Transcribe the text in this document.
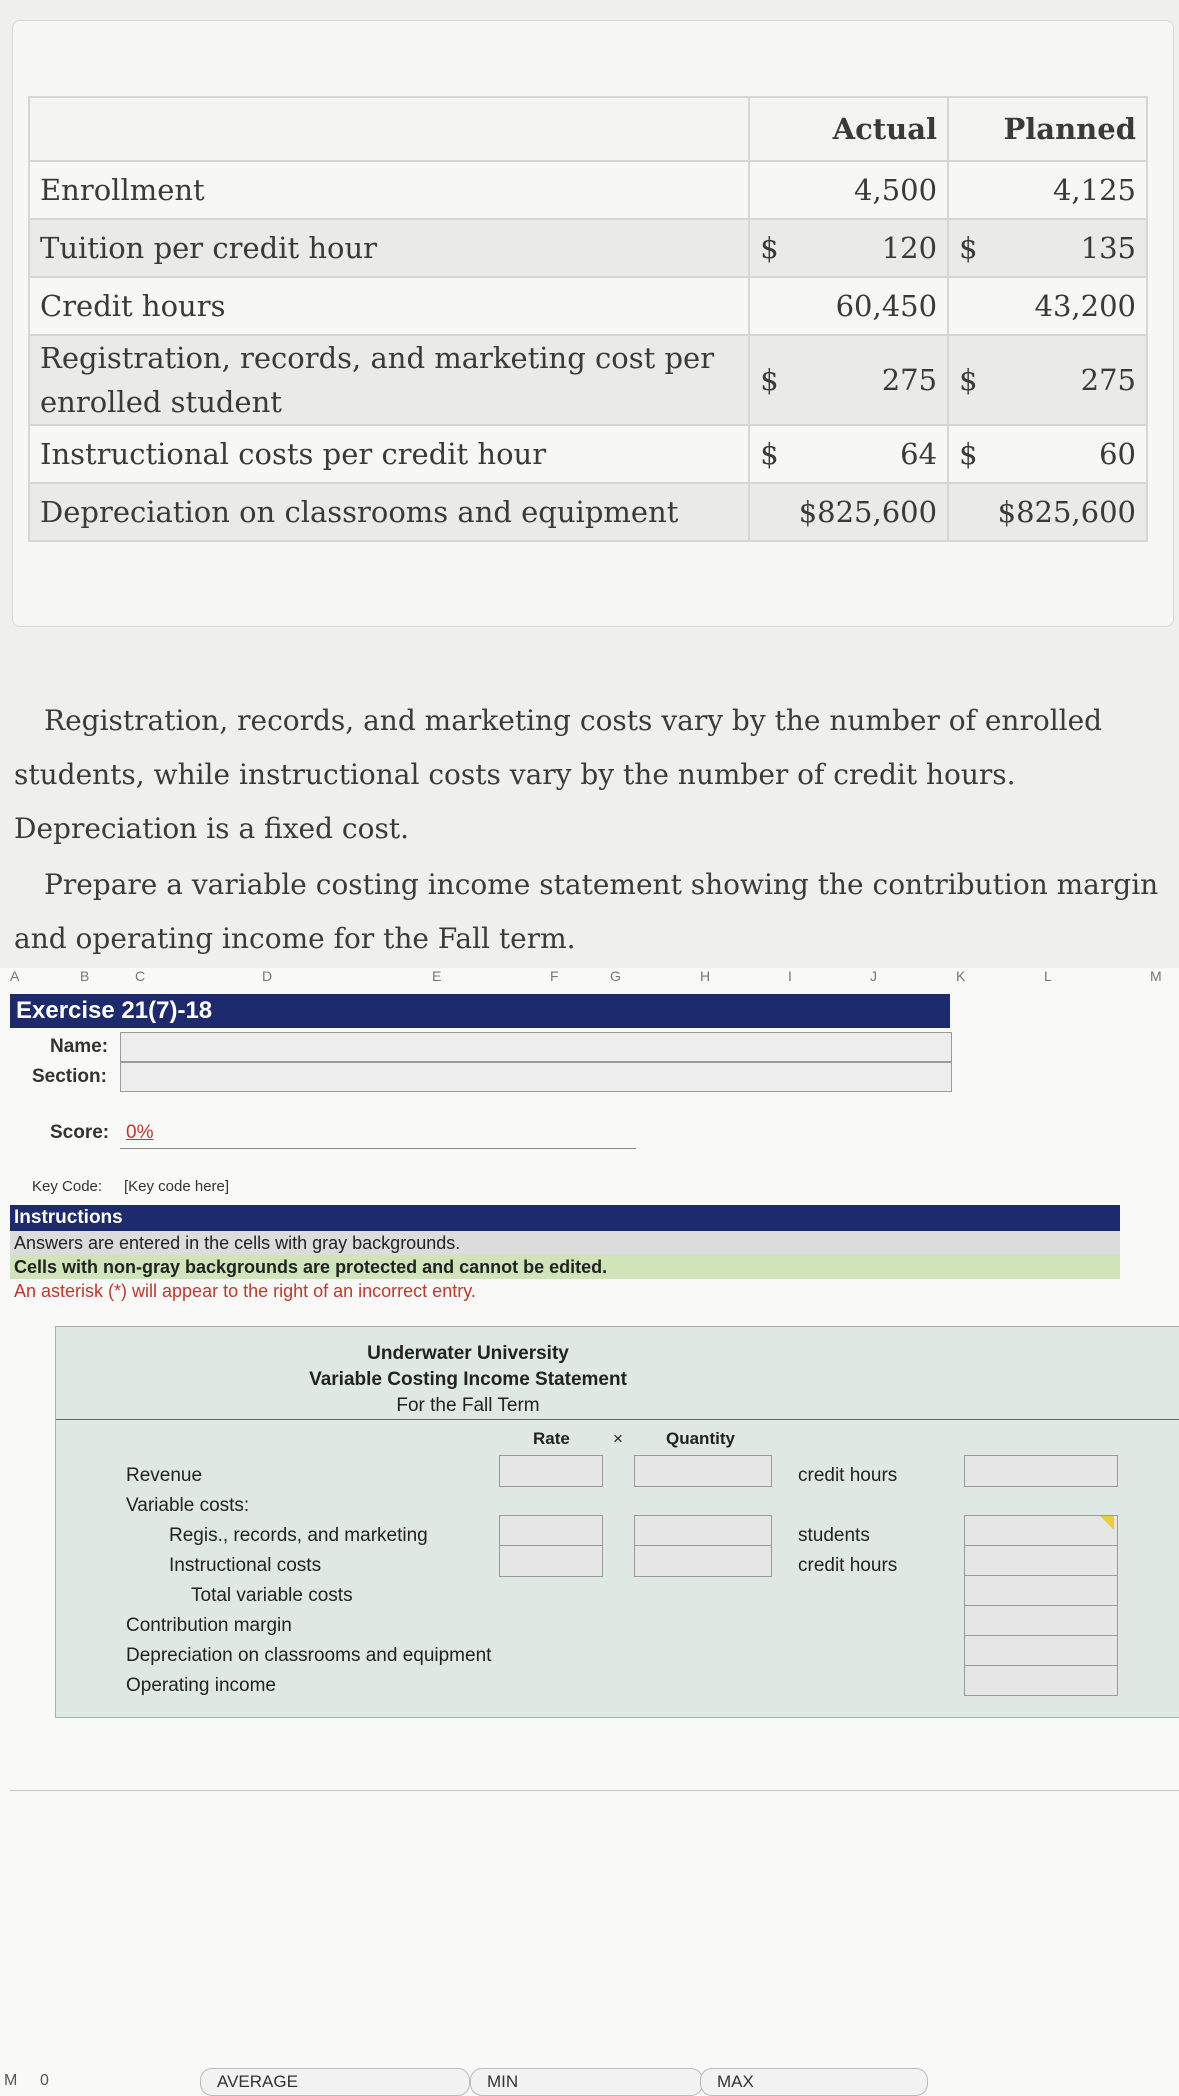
	Actual		Planned	
Enrollment		4,500		4,125
Tuition per credit hour	$	120	$	135
Credit hours		60,450		43,200
Registration, records, and marketing cost per enrolled student	$	275	$	275
Instructional costs per credit hour	$	64	$	60
Depreciation on classrooms and equipment		$825,600		$825,600
Registration, records, and marketing costs vary by the number of enrolled students, while instructional costs vary by the number of credit hours. Depreciation is a fixed cost.
Prepare a variable costing income statement showing the contribution margin and operating income for the Fall term.
A	B	C	D	E	F	G	H	I	J	K	L	M
Exercise 21(7)-18
Name:
Section:
Score: 0%
Key Code: [Key code here]
Instructions
Answers are entered in the cells with gray backgrounds.
Cells with non-gray backgrounds are protected and cannot be edited.
An asterisk (*) will appear to the right of an incorrect entry.
Underwater University
Variable Costing Income Statement
For the Fall Term
Rate	×	Quantity
Revenue	credit hours
Variable costs:
Regis., records, and marketing	students
Instructional costs	credit hours
Total variable costs
Contribution margin
Depreciation on classrooms and equipment
Operating income
M 0	AVERAGE	MIN	MAX
